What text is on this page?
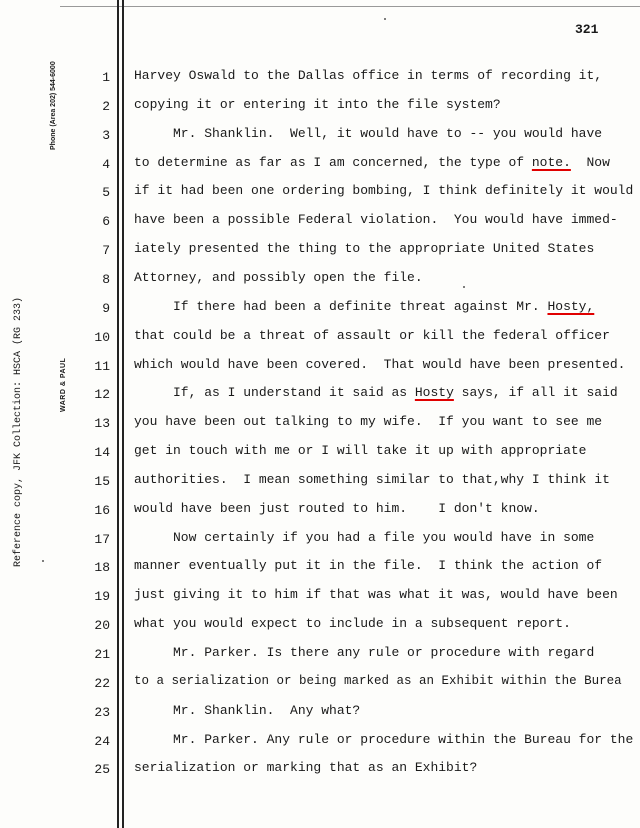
321
Phone (Area 202) 544-6000
Reference copy, JFK Collection: HSCA (RG 233)	WARD & PAUL
1 Harvey Oswald to the Dallas office in terms of recording it,
2 copying it or entering it into the file system?
3 Mr. Shanklin.  Well, it would have to -- you would have
4 to determine as far as I am concerned, the type of note.  Now
5 if it had been one ordering bombing, I think definitely it would
6 have been a possible Federal violation.  You would have immed-
7 iately presented the thing to the appropriate United States
8 Attorney, and possibly open the file.
9 If there had been a definite threat against Mr. Hosty,
10 that could be a threat of assault or kill the federal officer
11 which would have been covered.  That would have been presented.
12 If, as I understand it said as Hosty says, if all it said
13 you have been out talking to my wife.  If you want to see me
14 get in touch with me or I will take it up with appropriate
15 authorities.  I mean something similar to that,why I think it
16 would have been just routed to him.    I don't know.
17 Now certainly if you had a file you would have in some
18 manner eventually put it in the file.  I think the action of
19 just giving it to him if that was what it was, would have been
20 what you would expect to include in a subsequent report.
21 Mr. Parker. Is there any rule or procedure with regard
22 to a serialization or being marked as an Exhibit within the Burea
23 Mr. Shanklin.  Any what?
24 Mr. Parker. Any rule or procedure within the Bureau for the
25 serialization or marking that as an Exhibit?
